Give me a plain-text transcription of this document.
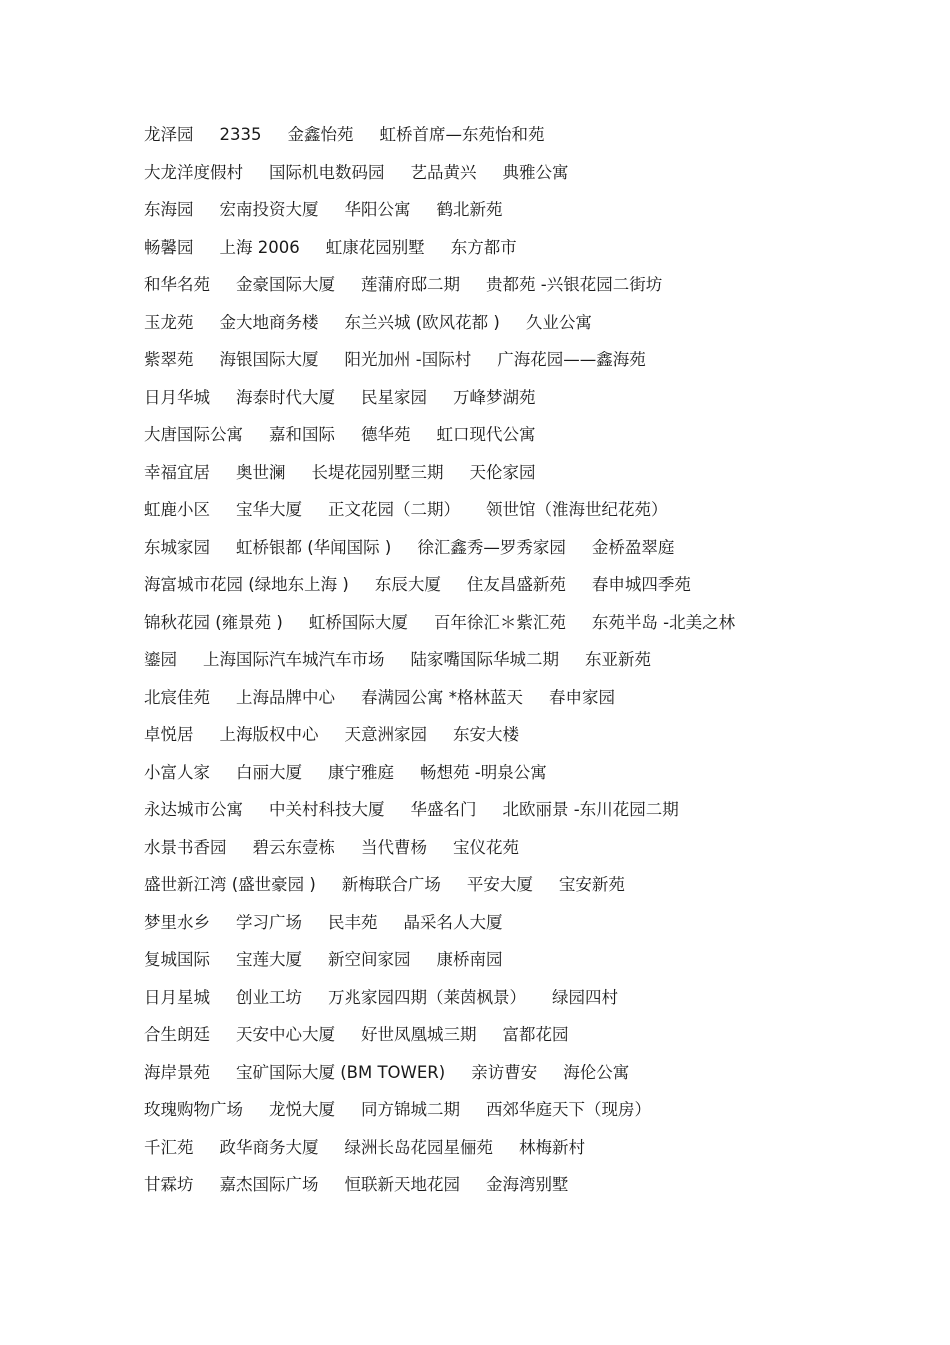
龙泽园 2335 金鑫怡苑 虹桥首席—东苑怡和苑
大龙洋度假村 国际机电数码园 艺品黄兴 典雅公寓
东海园 宏南投资大厦 华阳公寓 鹤北新苑
畅馨园 上海 2006 虹康花园别墅 东方都市
和华名苑 金豪国际大厦 莲蒲府邸二期 贵都苑 -兴银花园二街坊
玉龙苑 金大地商务楼 东兰兴城 (欧风花都 ) 久业公寓
紫翠苑 海银国际大厦 阳光加州 -国际村 广海花园——鑫海苑
日月华城 海泰时代大厦 民星家园 万峰梦湖苑
大唐国际公寓 嘉和国际 德华苑 虹口现代公寓
幸福宜居 奥世澜 长堤花园别墅三期 天伦家园
虹鹿小区 宝华大厦 正文花园（二期） 领世馆（淮海世纪花苑）
东城家园 虹桥银都 (华闻国际 ) 徐汇鑫秀—罗秀家园 金桥盈翠庭
海富城市花园 (绿地东上海 ) 东辰大厦 住友昌盛新苑 春申城四季苑
锦秋花园 (雍景苑 ) 虹桥国际大厦 百年徐汇＊紫汇苑 东苑半岛 -北美之林
鎏园 上海国际汽车城汽车市场 陆家嘴国际华城二期 东亚新苑
北宸佳苑 上海品牌中心 春满园公寓 *格林蓝天 春申家园
卓悦居 上海版权中心 天意洲家园 东安大楼
小富人家 白丽大厦 康宁雅庭 畅想苑 -明泉公寓
永达城市公寓 中关村科技大厦 华盛名门 北欧丽景 -东川花园二期
水景书香园 碧云东壹栋 当代曹杨 宝仪花苑
盛世新江湾 (盛世豪园 ) 新梅联合广场 平安大厦 宝安新苑
梦里水乡 学习广场 民丰苑 晶采名人大厦
复城国际 宝莲大厦 新空间家园 康桥南园
日月星城 创业工坊 万兆家园四期（莱茵枫景） 绿园四村
合生朗廷 天安中心大厦 好世凤凰城三期 富都花园
海岸景苑 宝矿国际大厦 (BM TOWER) 亲访曹安 海伦公寓
玫瑰购物广场 龙悦大厦 同方锦城二期 西郊华庭天下（现房）
千汇苑 政华商务大厦 绿洲长岛花园星俪苑 林梅新村
甘霖坊 嘉杰国际广场 恒联新天地花园 金海湾别墅
